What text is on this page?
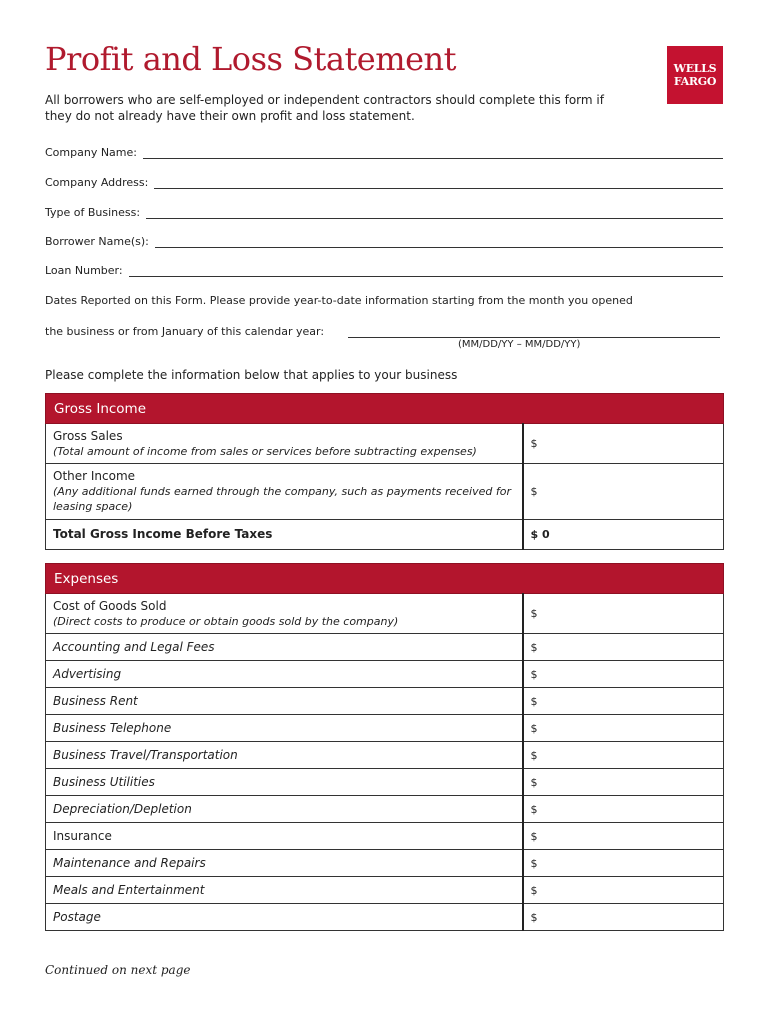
Profit and Loss Statement	WELLS
FARGO

All borrowers who are self-employed or independent contractors should complete this form if they do not already have their own profit and loss statement.

Company Name:
Company Address:
Type of Business:
Borrower Name(s):
Loan Number:
Dates Reported on this Form. Please provide year-to-date information starting from the month you opened
the business or from January of this calendar year:
(MM/DD/YY – MM/DD/YY)
Please complete the information below that applies to your business
Gross Income	
Gross Sales
(Total amount of income from sales or services before subtracting expenses)	$
Other Income
(Any additional funds earned through the company, such as payments received for leasing space)	$
Total Gross Income Before Taxes	$ 0
Expenses	
Cost of Goods Sold
(Direct costs to produce or obtain goods sold by the company)	$
Accounting and Legal Fees	$
Advertising	$
Business Rent	$
Business Telephone	$
Business Travel/Transportation	$
Business Utilities	$
Depreciation/Depletion	$
Insurance	$
Maintenance and Repairs	$
Meals and Entertainment	$
Postage	$
Continued on next page
